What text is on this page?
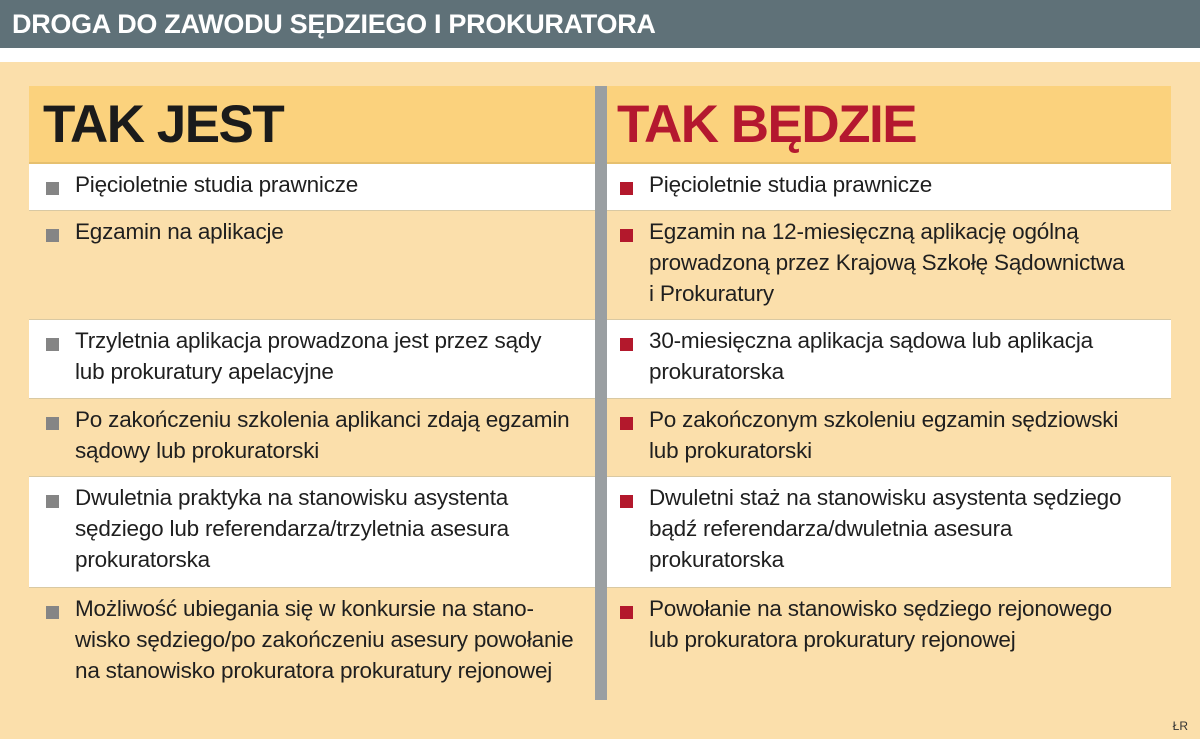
DROGA DO ZAWODU SĘDZIEGO I PROKURATORA
TAK JEST
Pięcioletnie studia prawnicze
Egzamin na aplikacje
Trzyletnia aplikacja prowadzona jest przez sądy
lub prokuratury apelacyjne
Po zakończeniu szkolenia aplikanci zdają egzamin
sądowy lub prokuratorski
Dwuletnia praktyka na stanowisku asystenta
sędziego lub referendarza/trzyletnia asesura
prokuratorska
Możliwość ubiegania się w konkursie na stano-
wisko sędziego/po zakończeniu asesury powołanie
na stanowisko prokuratora prokuratury rejonowej
TAK BĘDZIE
Pięcioletnie studia prawnicze
Egzamin na 12-miesięczną aplikację ogólną
prowadzoną przez Krajową Szkołę Sądownictwa
i Prokuratury
30-miesięczna aplikacja sądowa lub aplikacja
prokuratorska
Po zakończonym szkoleniu egzamin sędziowski
lub prokuratorski
Dwuletni staż na stanowisku asystenta sędziego
bądź referendarza/dwuletnia asesura
prokuratorska
Powołanie na stanowisko sędziego rejonowego
lub prokuratora prokuratury rejonowej
ŁR
